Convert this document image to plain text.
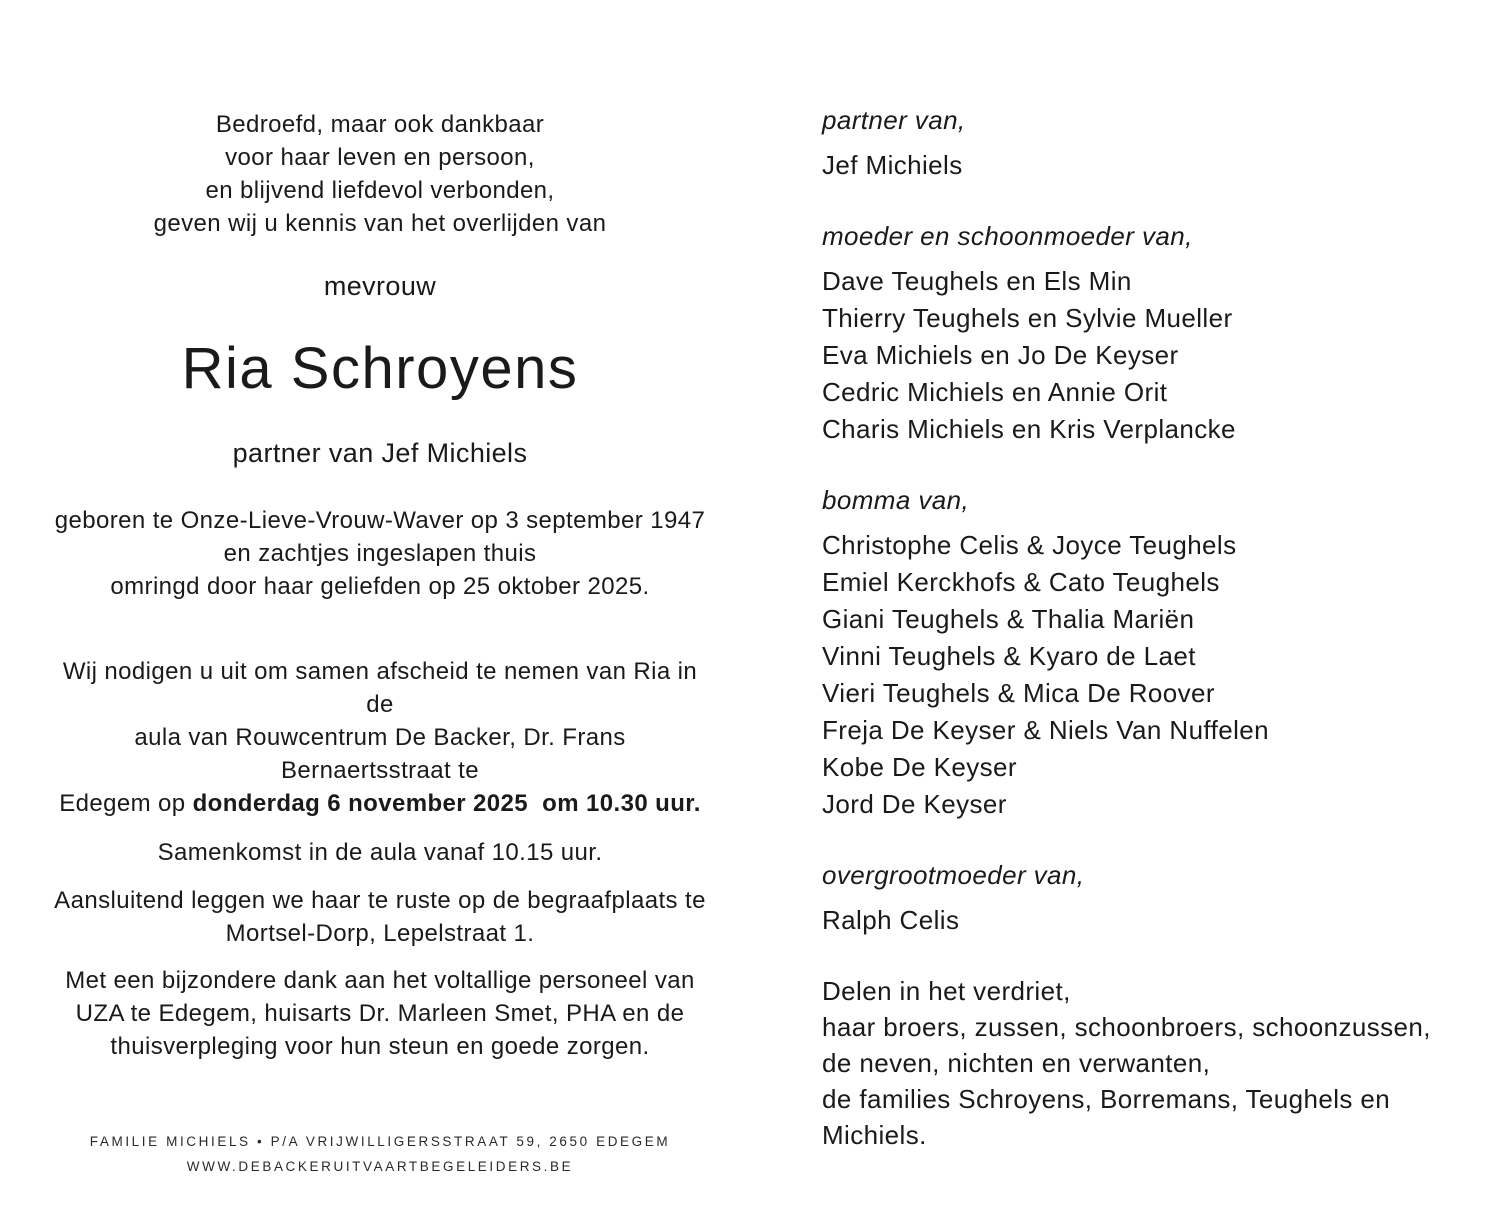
Bedroefd, maar ook dankbaar
voor haar leven en persoon,
en blijvend liefdevol verbonden,
geven wij u kennis van het overlijden van
mevrouw
Ria Schroyens
partner van Jef Michiels
geboren te Onze-Lieve-Vrouw-Waver op 3 september 1947
en zachtjes ingeslapen thuis
omringd door haar geliefden op 25 oktober 2025.
Wij nodigen u uit om samen afscheid te nemen van Ria in de
aula van Rouwcentrum De Backer, Dr. Frans Bernaertsstraat te
Edegem op donderdag 6 november 2025  om 10.30 uur.
Samenkomst in de aula vanaf 10.15 uur.
Aansluitend leggen we haar te ruste op de begraafplaats te
Mortsel-Dorp, Lepelstraat 1.
Met een bijzondere dank aan het voltallige personeel van
UZA te Edegem, huisarts Dr. Marleen Smet, PHA en de
thuisverpleging voor hun steun en goede zorgen.
FAMILIE MICHIELS • P/A VRIJWILLIGERSSTRAAT 59, 2650 EDEGEM
WWW.DEBACKERUITVAARTBEGELEIDERS.BE
partner van,
Jef Michiels
moeder en schoonmoeder van,
Dave Teughels en Els Min
Thierry Teughels en Sylvie Mueller
Eva Michiels en Jo De Keyser
Cedric Michiels en Annie Orit
Charis Michiels en Kris Verplancke
bomma van,
Christophe Celis & Joyce Teughels
Emiel Kerckhofs & Cato Teughels
Giani Teughels & Thalia Mariën
Vinni Teughels & Kyaro de Laet
Vieri Teughels & Mica De Roover
Freja De Keyser & Niels Van Nuffelen
Kobe De Keyser
Jord De Keyser
overgrootmoeder van,
Ralph Celis
Delen in het verdriet,
haar broers, zussen, schoonbroers, schoonzussen,
de neven, nichten en verwanten,
de families Schroyens, Borremans, Teughels en Michiels.
